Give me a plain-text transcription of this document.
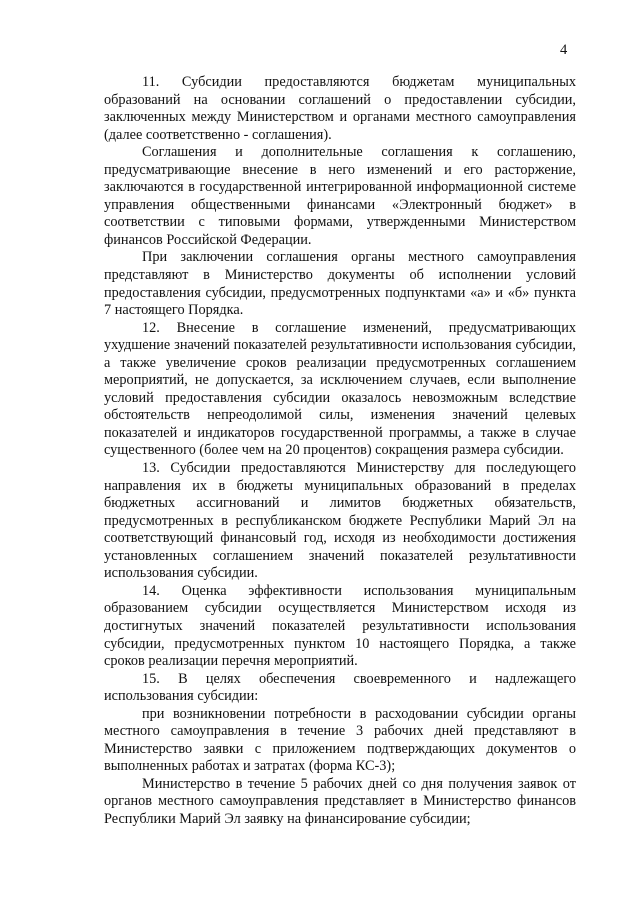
4

11. Субсидии предоставляются бюджетам муниципальных образований на основании соглашений о предоставлении субсидии, заключенных между Министерством и органами местного самоуправления (далее соответственно - соглашения).

Соглашения и дополнительные соглашения к соглашению, предусматривающие внесение в него изменений и его расторжение, заключаются в государственной интегрированной информационной системе управления общественными финансами «Электронный бюджет» в соответствии с типовыми формами, утвержденными Министерством финансов Российской Федерации.

При заключении соглашения органы местного самоуправления представляют в Министерство документы об исполнении условий предоставления субсидии, предусмотренных подпунктами «а» и «б» пункта 7 настоящего Порядка.

12. Внесение в соглашение изменений, предусматривающих ухудшение значений показателей результативности использования субсидии, а также увеличение сроков реализации предусмотренных соглашением мероприятий, не допускается, за исключением случаев, если выполнение условий предоставления субсидии оказалось невозможным вследствие обстоятельств непреодолимой силы, изменения значений целевых показателей и индикаторов государственной программы, а также в случае существенного (более чем на 20 процентов) сокращения размера субсидии.

13. Субсидии предоставляются Министерству для последующего направления их в бюджеты муниципальных образований в пределах бюджетных ассигнований и лимитов бюджетных обязательств, предусмотренных в республиканском бюджете Республики Марий Эл на соответствующий финансовый год, исходя из необходимости достижения установленных соглашением значений показателей результативности использования субсидии.

14. Оценка эффективности использования муниципальным образованием субсидии осуществляется Министерством исходя из достигнутых значений показателей результативности использования субсидии, предусмотренных пунктом 10 настоящего Порядка, а также сроков реализации перечня мероприятий.

15. В целях обеспечения своевременного и надлежащего использования субсидии:

при возникновении потребности в расходовании субсидии органы местного самоуправления в течение 3 рабочих дней представляют в Министерство заявки с приложением подтверждающих документов о выполненных работах и затратах (форма КС-3);

Министерство в течение 5 рабочих дней со дня получения заявок от органов местного самоуправления представляет в Министерство финансов Республики Марий Эл заявку на финансирование субсидии;
